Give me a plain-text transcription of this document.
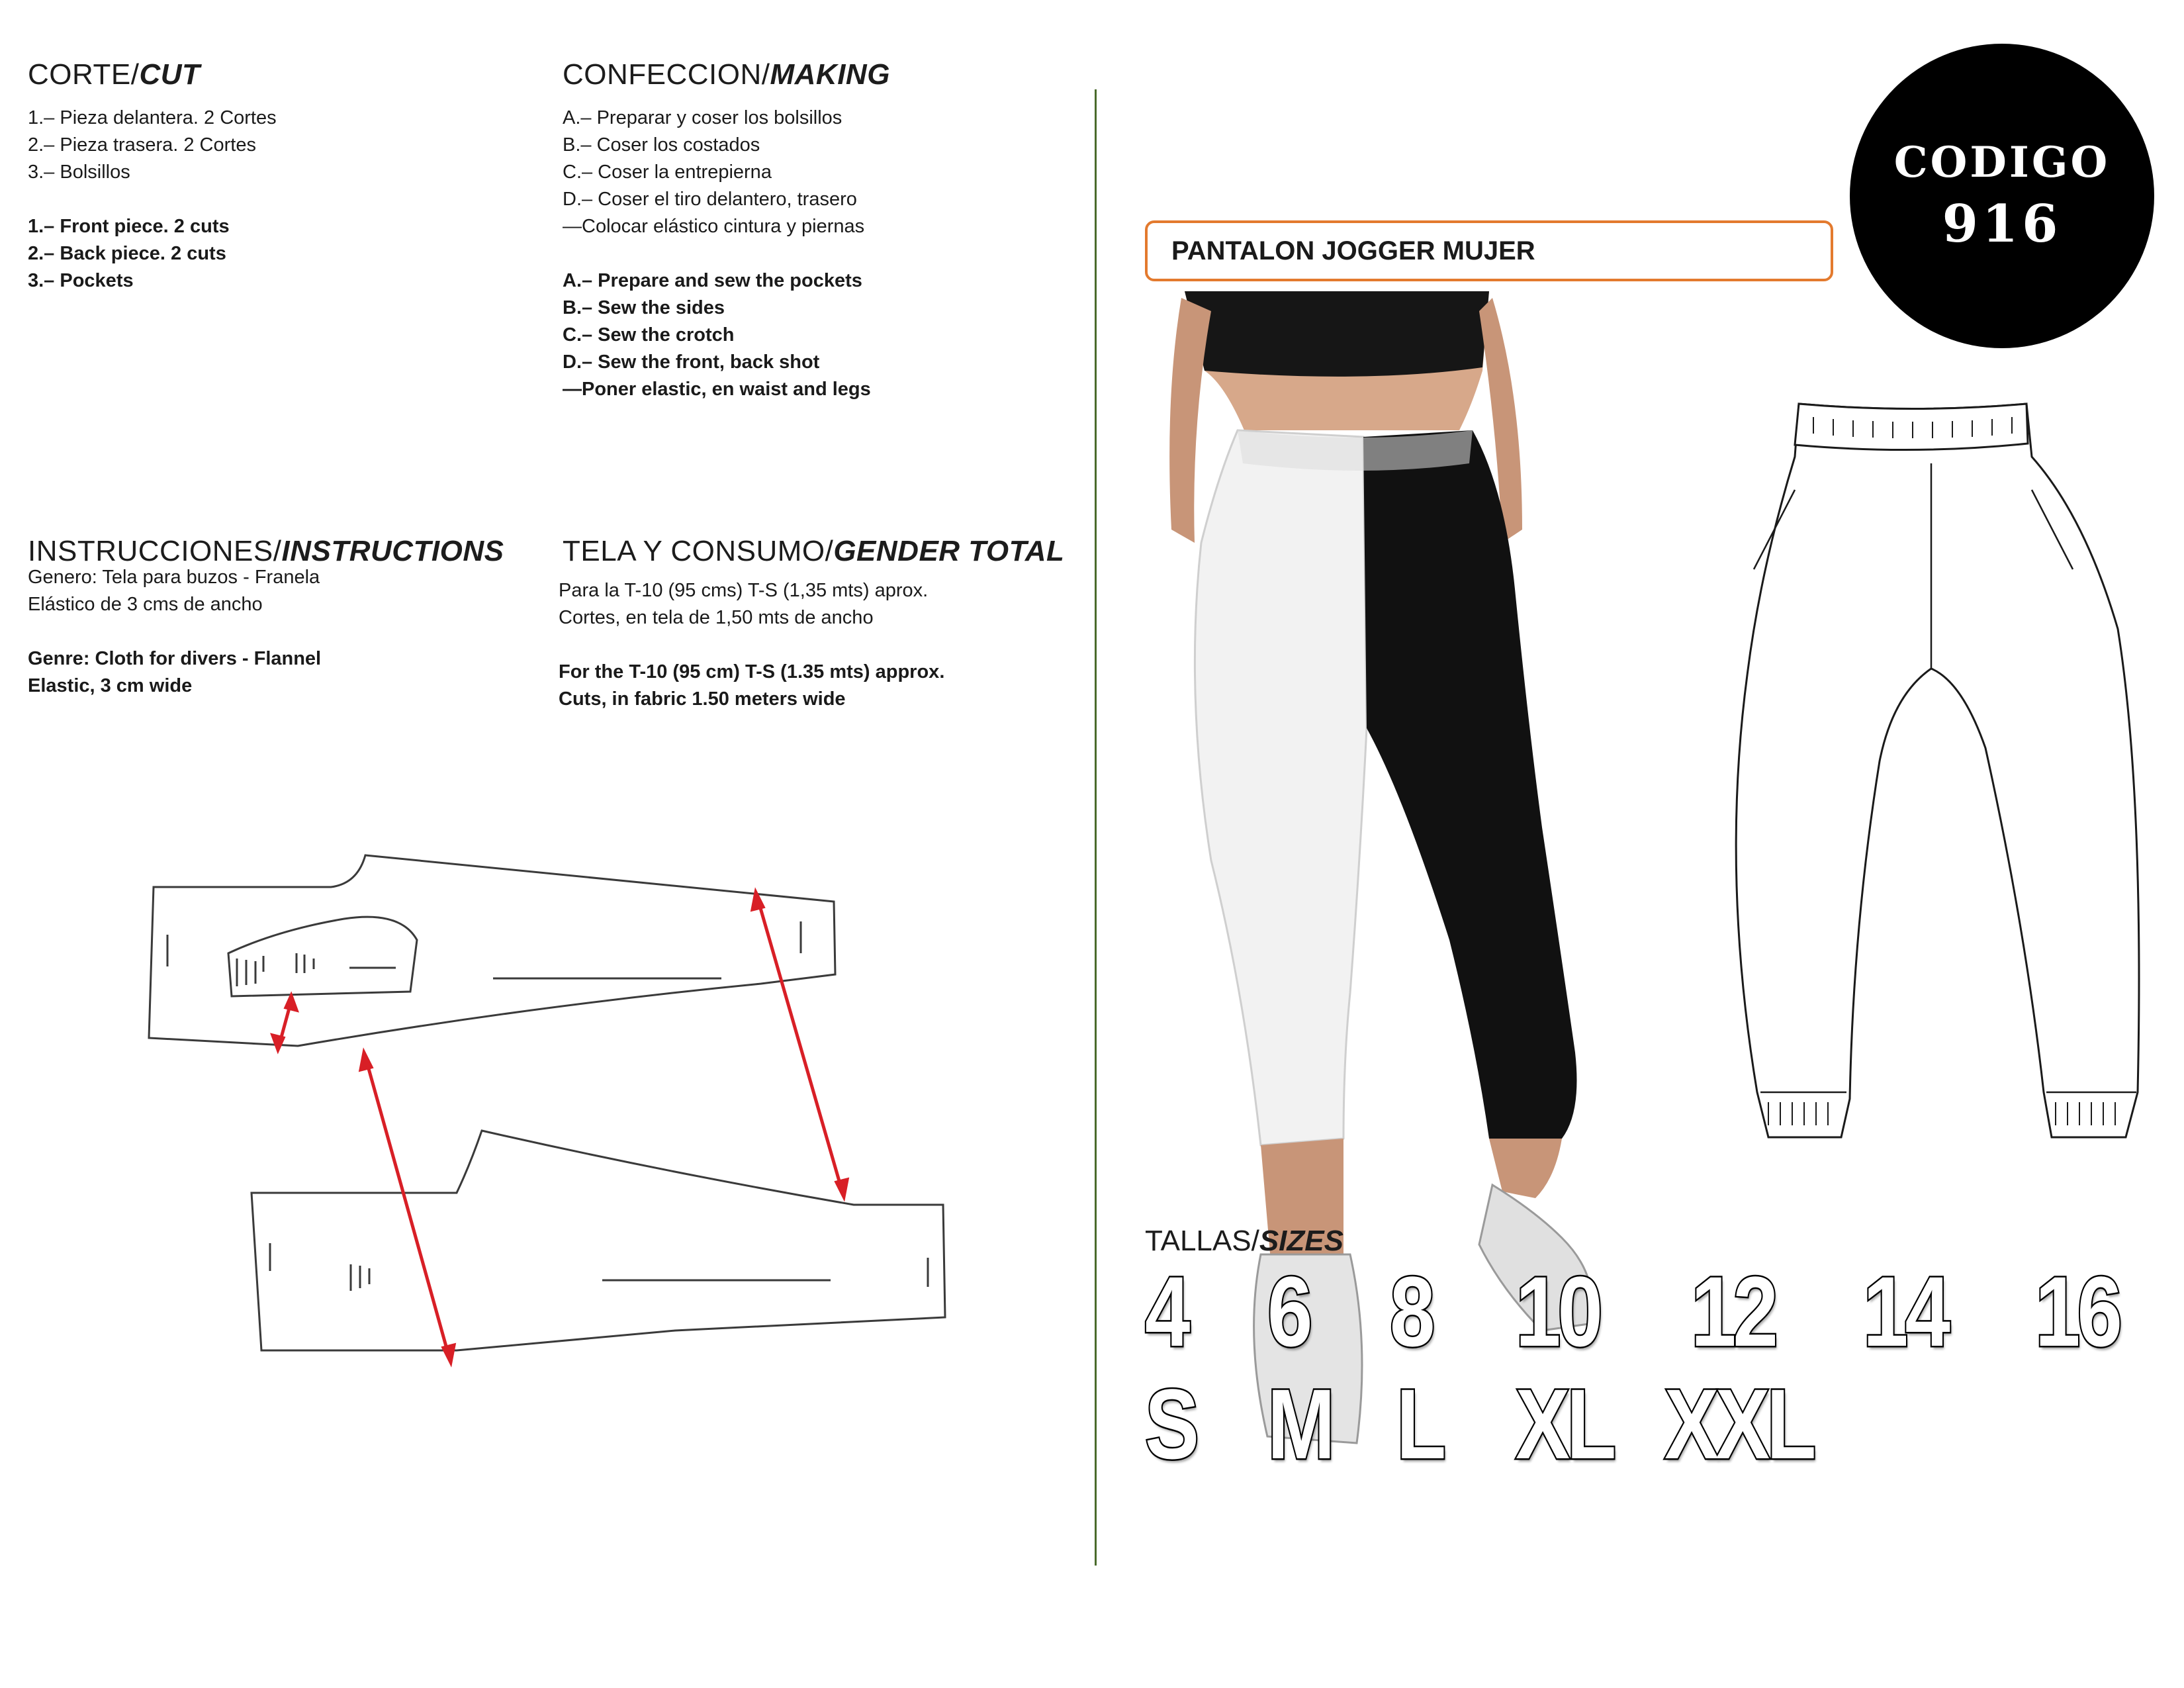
CORTE/CUT
1.– Pieza delantera. 2 Cortes
2.– Pieza trasera. 2 Cortes
3.– Bolsillos
1.– Front piece. 2 cuts
2.– Back piece. 2 cuts
3.– Pockets
CONFECCION/MAKING
A.– Preparar y coser los bolsillos
B.– Coser los costados
C.– Coser la entrepierna
D.– Coser el tiro delantero, trasero
—Colocar elástico cintura y piernas
A.– Prepare and sew the pockets
B.– Sew the sides
C.– Sew the crotch
D.– Sew the front, back shot
—Poner elastic, en waist and legs
INSTRUCCIONES/INSTRUCTIONS
Genero: Tela para buzos - Franela
Elástico de 3 cms de ancho
Genre: Cloth for divers - Flannel
Elastic, 3 cm wide
TELA Y CONSUMO/GENDER TOTAL
Para la T-10 (95 cms) T-S (1,35 mts) aprox.
Cortes, en tela de 1,50 mts de ancho
For the T-10 (95 cm) T-S (1.35 mts) approx.
Cuts, in fabric 1.50 meters wide
PANTALON JOGGER MUJER
CODIGO
916
TALLAS/SIZES
4 6 8 10 12 14 16
S M L XL XXL
